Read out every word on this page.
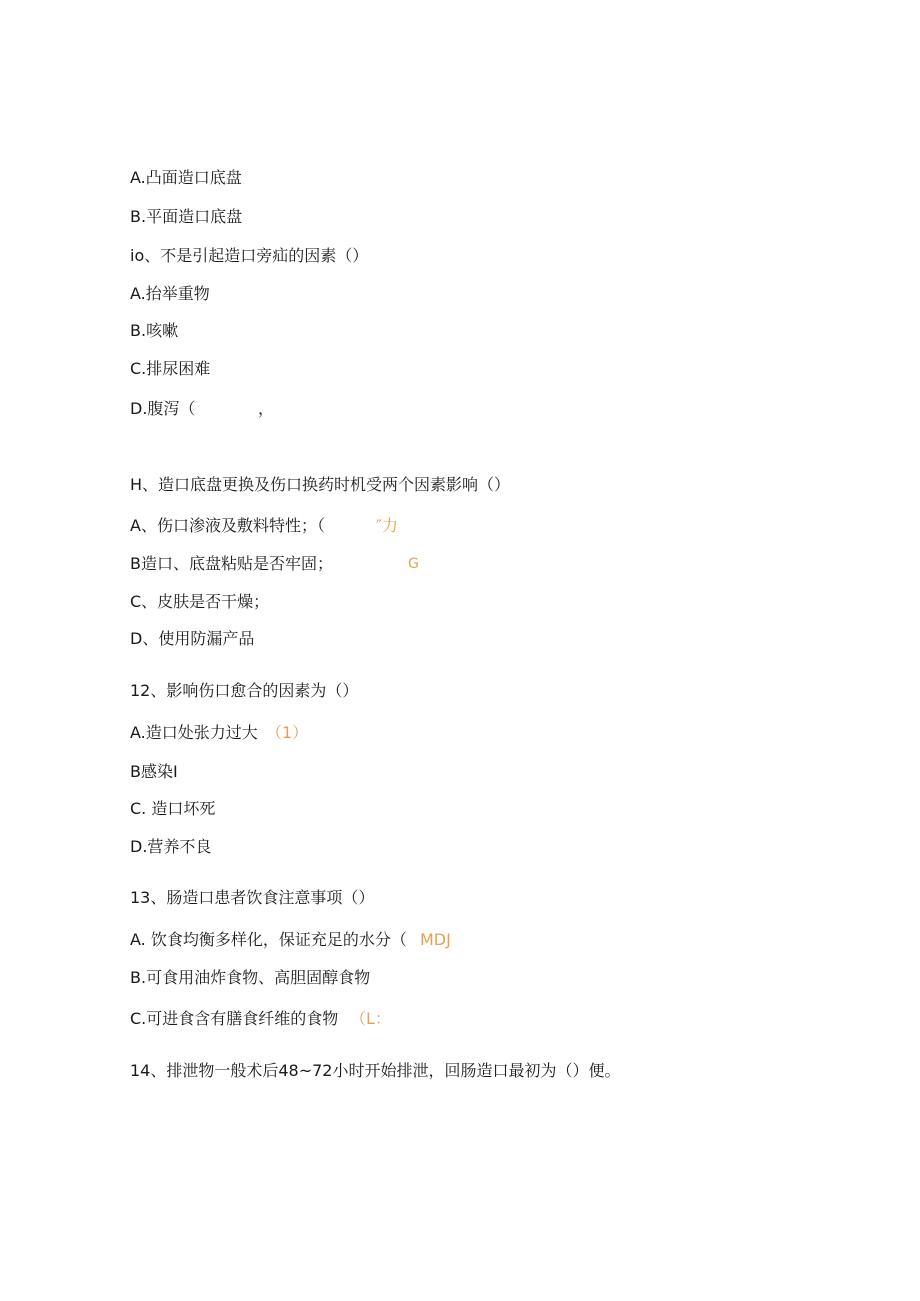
A.凸面造口底盘
B.平面造口底盘
io、不是引起造口旁疝的因素（）
A.抬举重物
B.咳嗽
C.排尿困难
D.腹泻（	，
H、造口底盘更换及伤口换药时机受两个因素影响（）
A、伤口渗液及敷料特性；（	″力
B造口、底盘粘贴是否牢固；	G
C、皮肤是否干燥；
D、使用防漏产品
12、影响伤口愈合的因素为（）
A.造口处张力过大 （1）
B感染I
C. 造口坏死
D.营养不良
13、肠造口患者饮食注意事项（）
A. 饮食均衡多样化，保证充足的水分（ MDJ
B.可食用油炸食物、高胆固醇食物
C.可进食含有膳食纤维的食物 （L：
14、排泄物一般术后48~72小时开始排泄，回肠造口最初为（）便。
